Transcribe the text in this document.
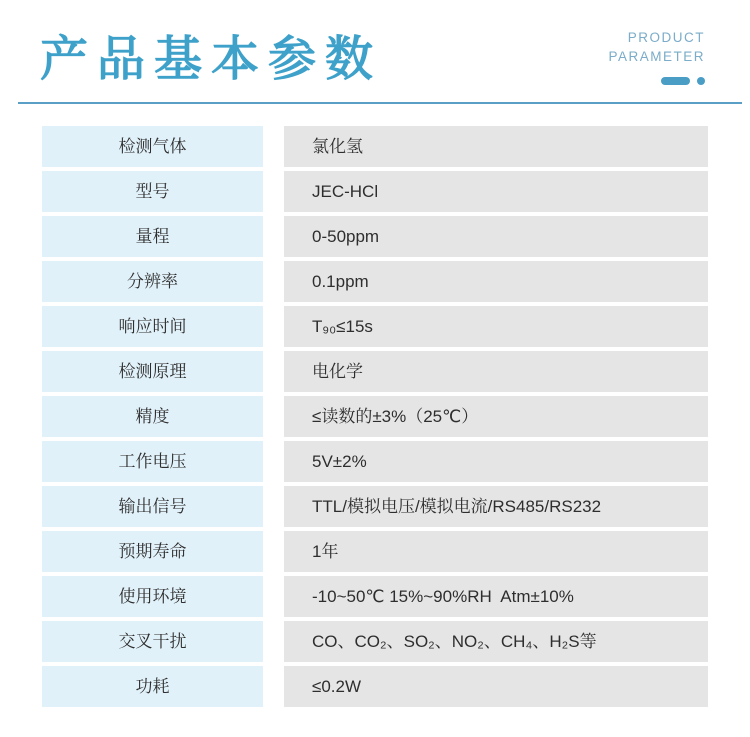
产品基本参数	PRODUCT
PARAMETER
检测气体	氯化氢
型号	JEC-HCl
量程	0-50ppm
分辨率	0.1ppm
响应时间	T₉₀≤15s
检测原理	电化学
精度	≤读数的±3%（25℃）
工作电压	5V±2%
输出信号	TTL/模拟电压/模拟电流/RS485/RS232
预期寿命	1年
使用环境	-10~50℃ 15%~90%RH  Atm±10%
交叉干扰	CO、CO₂、SO₂、NO₂、CH₄、H₂S等
功耗	≤0.2W
